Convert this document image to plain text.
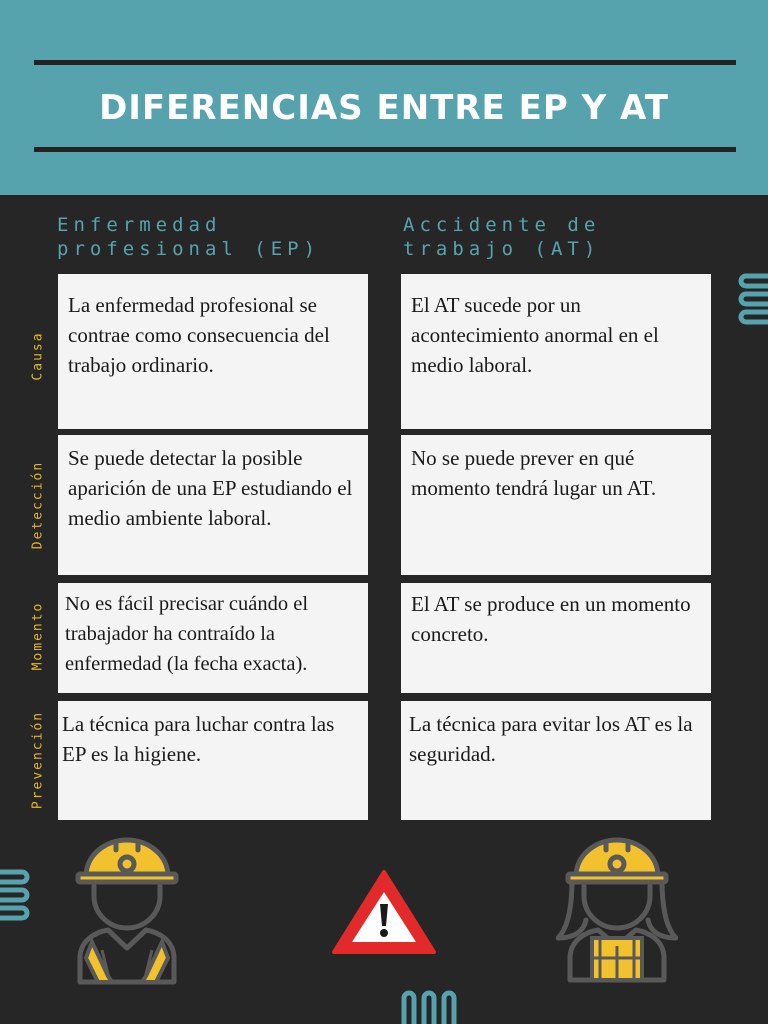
DIFERENCIAS ENTRE EP Y AT
Enfermedad
profesional (EP)
Accidente de
trabajo (AT)
Causa
La enfermedad profesional se contrae como consecuencia del trabajo ordinario.
El AT sucede por un acontecimiento anormal en el medio laboral.
Detección
Se puede detectar la posible aparición de una EP estudiando el medio ambiente laboral.
No se puede prever en qué momento tendrá lugar un AT.
Momento No es fácil precisar cuándo el trabajador ha contraído la enfermedad (la fecha exacta).
El AT se produce en un momento concreto.
Prevención La técnica para luchar contra las EP es la higiene.
La técnica para evitar los AT es la seguridad.
